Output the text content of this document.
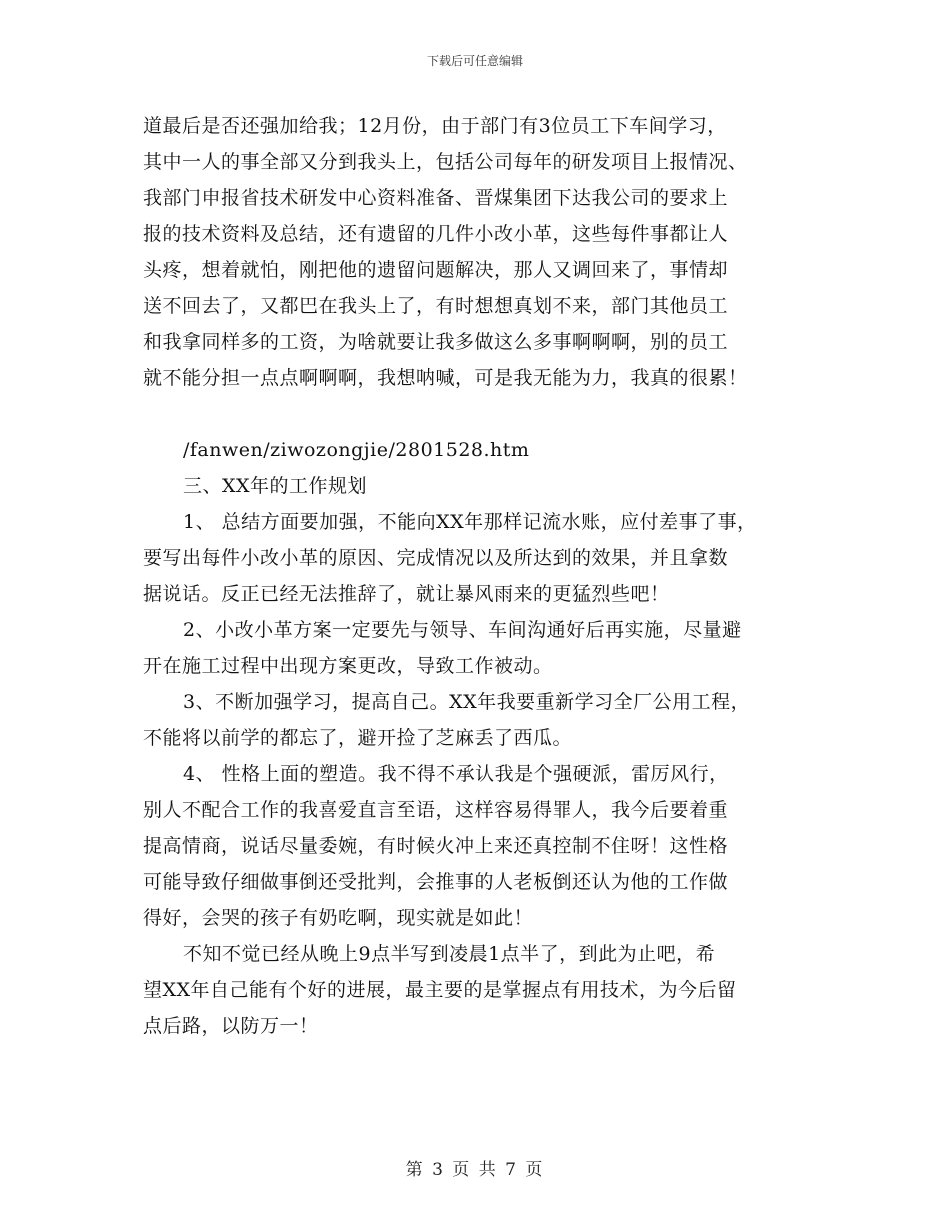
下载后可任意编辑
道最后是否还强加给我；12月份，由于部门有3位员工下车间学习，
其中一人的事全部又分到我头上，包括公司每年的研发项目上报情况、
我部门申报省技术研发中心资料准备、晋煤集团下达我公司的要求上
报的技术资料及总结，还有遗留的几件小改小革，这些每件事都让人
头疼，想着就怕，刚把他的遗留问题解决，那人又调回来了，事情却
送不回去了，又都巴在我头上了，有时想想真划不来，部门其他员工
和我拿同样多的工资，为啥就要让我多做这么多事啊啊啊，别的员工
就不能分担一点点啊啊啊，我想呐喊，可是我无能为力，我真的很累！
/fanwen/ziwozongjie/2801528.htm
三、XX年的工作规划
1、 总结方面要加强，不能向XX年那样记流水账，应付差事了事，
要写出每件小改小革的原因、完成情况以及所达到的效果，并且拿数
据说话。反正已经无法推辞了，就让暴风雨来的更猛烈些吧！
2、小改小革方案一定要先与领导、车间沟通好后再实施，尽量避
开在施工过程中出现方案更改，导致工作被动。
3、不断加强学习，提高自己。XX年我要重新学习全厂公用工程，
不能将以前学的都忘了，避开捡了芝麻丢了西瓜。
4、 性格上面的塑造。我不得不承认我是个强硬派，雷厉风行，
别人不配合工作的我喜爱直言至语，这样容易得罪人，我今后要着重
提高情商，说话尽量委婉，有时候火冲上来还真控制不住呀！这性格
可能导致仔细做事倒还受批判，会推事的人老板倒还认为他的工作做
得好，会哭的孩子有奶吃啊，现实就是如此！
不知不觉已经从晚上9点半写到凌晨1点半了，到此为止吧，希
望XX年自己能有个好的进展，最主要的是掌握点有用技术，为今后留
点后路，以防万一！
第 3 页 共 7 页
